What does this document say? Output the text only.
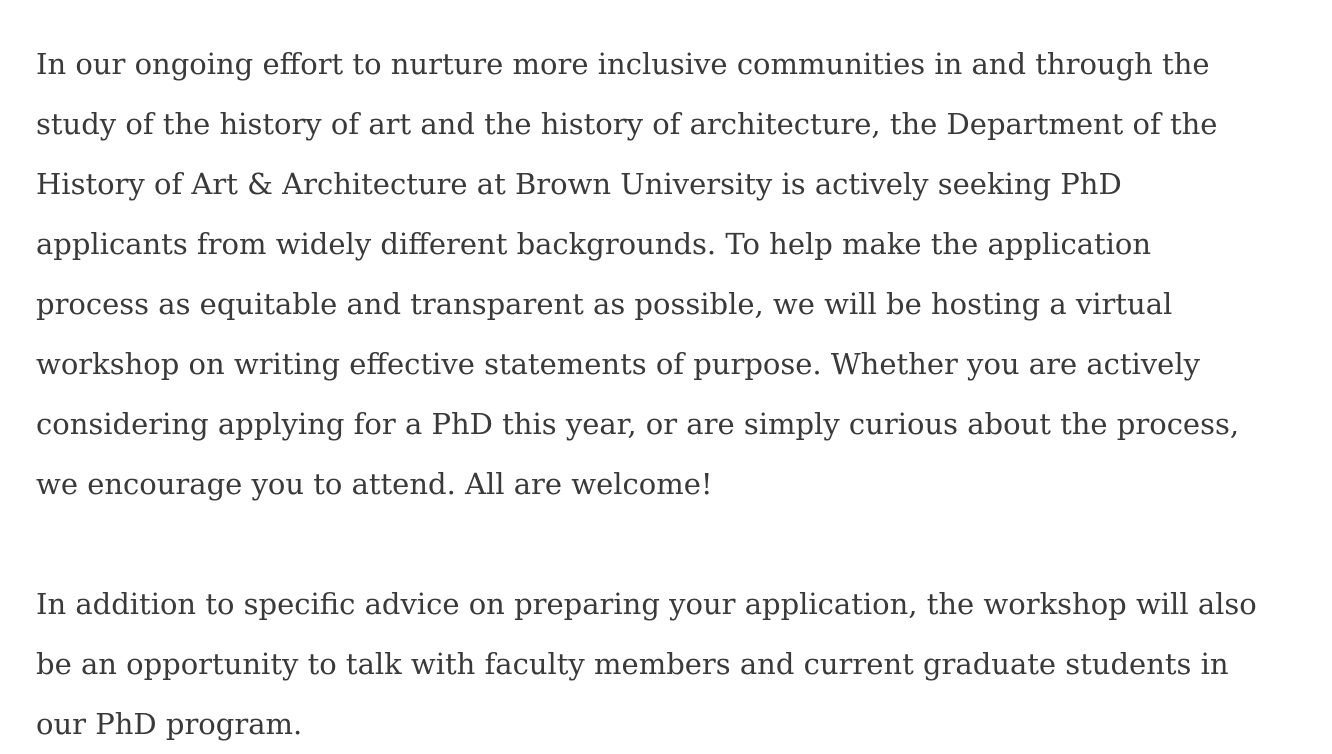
In our ongoing effort to nurture more inclusive communities in and through the study of the history of art and the history of architecture, the Department of the History of Art & Architecture at Brown University is actively seeking PhD applicants from widely different backgrounds. To help make the application process as equitable and transparent as possible, we will be hosting a virtual workshop on writing effective statements of purpose. Whether you are actively considering applying for a PhD this year, or are simply curious about the process, we encourage you to attend. All are welcome!

In addition to specific advice on preparing your application, the workshop will also be an opportunity to talk with faculty members and current graduate students in our PhD program.
